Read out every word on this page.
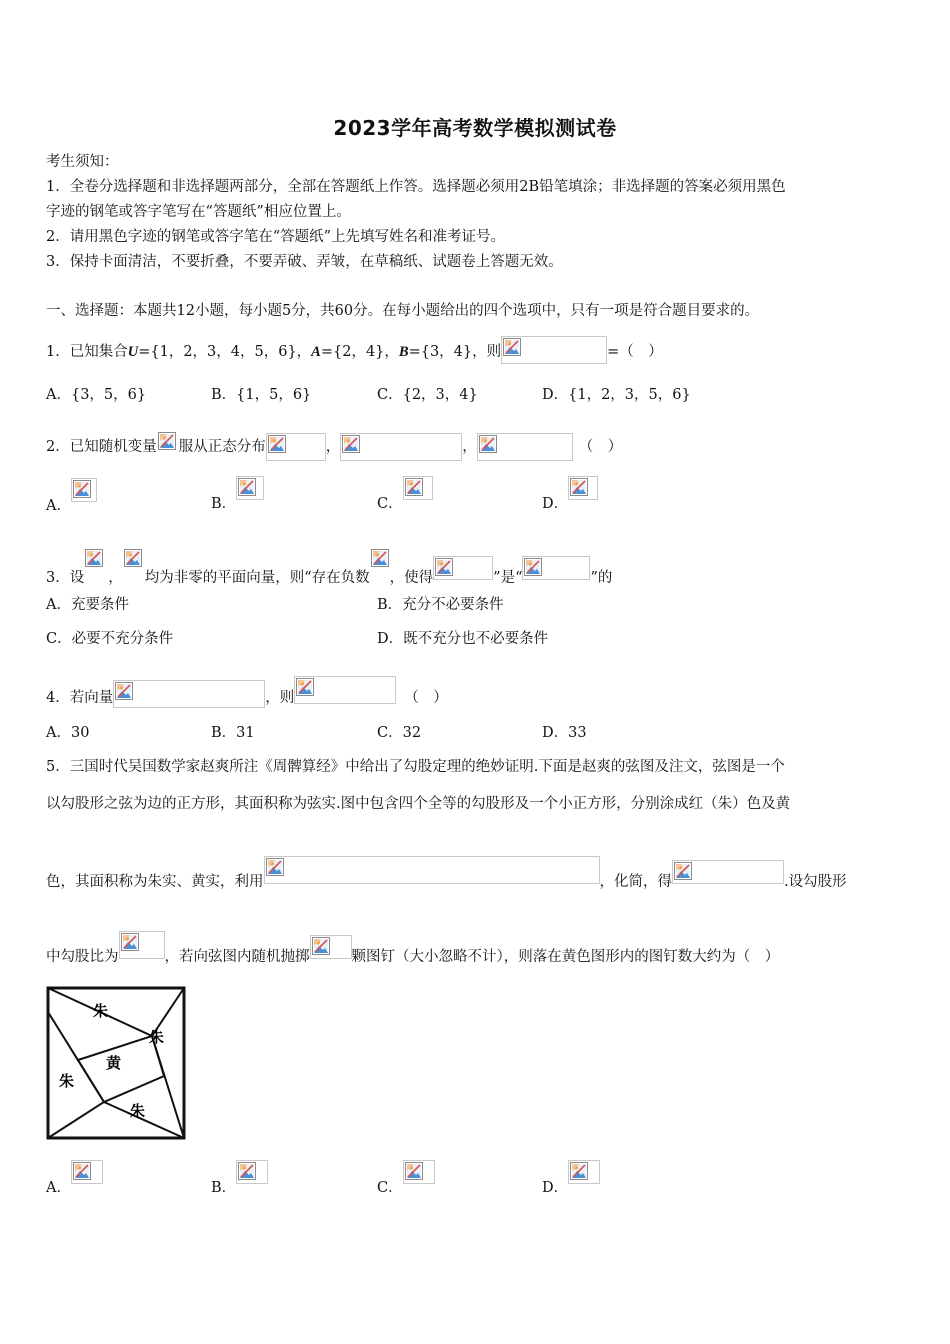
2023学年高考数学模拟测试卷
考生须知：
1．全卷分选择题和非选择题两部分，全部在答题纸上作答。选择题必须用2B铅笔填涂；非选择题的答案必须用黑色
字迹的钢笔或答字笔写在“答题纸”相应位置上。
2．请用黑色字迹的钢笔或答字笔在“答题纸”上先填写姓名和准考证号。
3．保持卡面清洁，不要折叠，不要弄破、弄皱，在草稿纸、试题卷上答题无效。
一、选择题：本题共12小题，每小题5分，共60分。在每小题给出的四个选项中，只有一项是符合题目要求的。
1．已知集合U={1，2，3，4，5，6}，A={2，4}，B={3，4}，则	=（　）
A．{3，5，6}	B．{1，5，6}	C．{2，3，4}	D．{1，2，3，5，6}
2．已知随机变量 服从正态分布	，	，	（　）
A．	B．	C．	D．
3．设 ， 均为非零的平面向量，则“存在负数 ，使得	”是“	”的
A．充要条件	B．充分不必要条件
C．必要不充分条件	D．既不充分也不必要条件
4．若向量	，则	（　）
A．30	B．31	C．32	D．33
5．三国时代吴国数学家赵爽所注《周髀算经》中给出了勾股定理的绝妙证明.下面是赵爽的弦图及注文，弦图是一个
以勾股形之弦为边的正方形，其面积称为弦实.图中包含四个全等的勾股形及一个小正方形，分别涂成红（朱）色及黄
色，其面积称为朱实、黄实，利用	，化简，得	.设勾股形
中勾股比为	，若向弦图内随机抛掷	颗图钉（大小忽略不计），则落在黄色图形内的图钉数大约为（　）
朱
朱
黄
朱
朱
A．	B．	C．	D．
